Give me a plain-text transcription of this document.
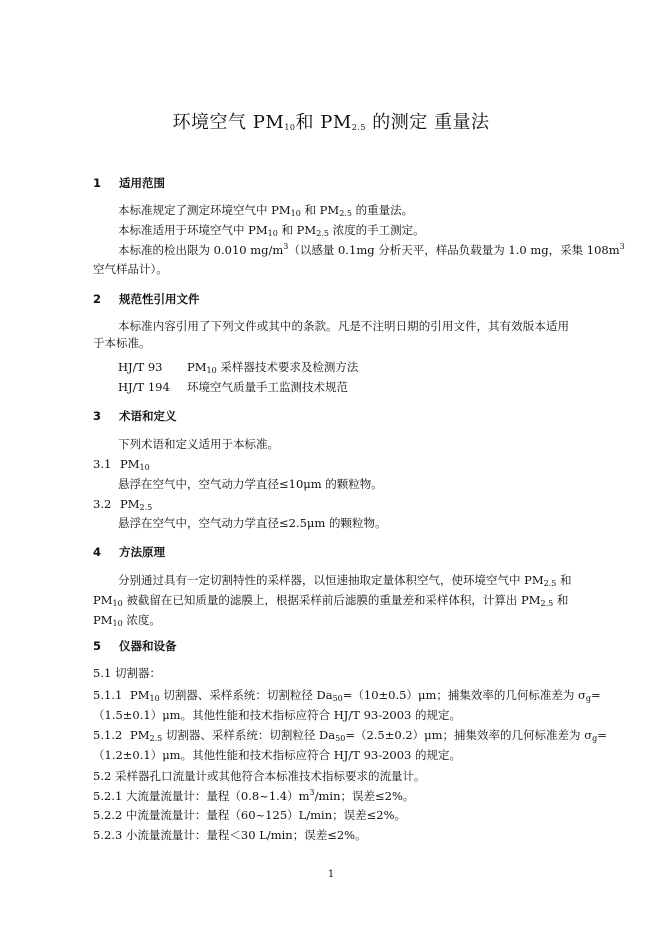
环境空气 $PM_{10}$和 $PM_{2.5}$ 的测定 重量法
1 适用范围
本标准规定了测定环境空气中 $PM_{10}$ 和 $PM_{2.5}$ 的重量法。
本标准适用于环境空气中 $PM_{10}$ 和 $PM_{2.5}$ 浓度的手工测定。
本标准的检出限为 0.010 $mg/m^3$（以感量 0.1mg 分析天平，样品负载量为 1.0 mg，采集 $108m^3$
空气样品计）。
2 规范性引用文件
本标准内容引用了下列文件或其中的条款。凡是不注明日期的引用文件，其有效版本适用于本标准。
HJ/T 93 $PM_{10}$ 采样器技术要求及检测方法
HJ/T 194 环境空气质量手工监测技术规范
3 术语和定义
下列术语和定义适用于本标准。
3.1 $PM_{10}$
悬浮在空气中，空气动力学直径≤10μm 的颗粒物。
3.2 $PM_{2.5}$
悬浮在空气中，空气动力学直径≤2.5μm 的颗粒物。
4 方法原理
分别通过具有一定切割特性的采样器，以恒速抽取定量体积空气，使环境空气中 $PM_{2.5}$ 和
$PM_{10}$ 被截留在已知质量的滤膜上，根据采样前后滤膜的重量差和采样体积，计算出 $PM_{2.5}$ 和
$PM_{10}$ 浓度。
5 仪器和设备
5.1 切割器：
5.1.1 $PM_{10}$ 切割器、采样系统：切割粒径 $Da_{50}=(10\pm 0.5)\mu m$；捕集效率的几何标准差为 $\sigma_g=$
（1.5±0.1）μm。其他性能和技术指标应符合 HJ/T 93-2003 的规定。
5.1.2 $PM_{2.5}$ 切割器、采样系统：切割粒径 $Da_{50}=(2.5\pm 0.2)\mu m$；捕集效率的几何标准差为 $\sigma_g=$
（1.2±0.1）μm。其他性能和技术指标应符合 HJ/T 93-2003 的规定。
5.2 采样器孔口流量计或其他符合本标准技术指标要求的流量计。
5.2.1 大流量流量计：量程$(0.8\sim 1.4)m^3/\min$；误差≤2%。
5.2.2 中流量流量计：量程（60~125）L/min；误差≤2%。
5.2.3 小流量流量计：量程＜30 L/min；误差≤2%。
1
